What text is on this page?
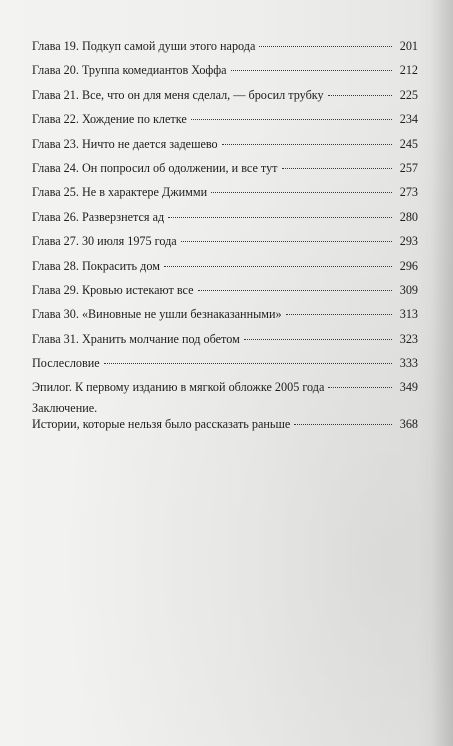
Глава 19. Подкуп самой души этого народа	201
Глава 20. Труппа комедиантов Хоффа	212
Глава 21. Все, что он для меня сделал, — бросил трубку	225
Глава 22. Хождение по клетке	234
Глава 23. Ничто не дается задешево	245
Глава 24. Он попросил об одолжении, и все тут	257
Глава 25. Не в характере Джимми	273
Глава 26. Разверзнется ад	280
Глава 27. 30 июля 1975 года	293
Глава 28. Покрасить дом	296
Глава 29. Кровью истекают все	309
Глава 30. «Виновные не ушли безнаказанными»	313
Глава 31. Хранить молчание под обетом	323
Послесловие	333
Эпилог. К первому изданию в мягкой обложке 2005 года	349
Заключение.
Истории, которые нельзя было рассказать раньше	368
